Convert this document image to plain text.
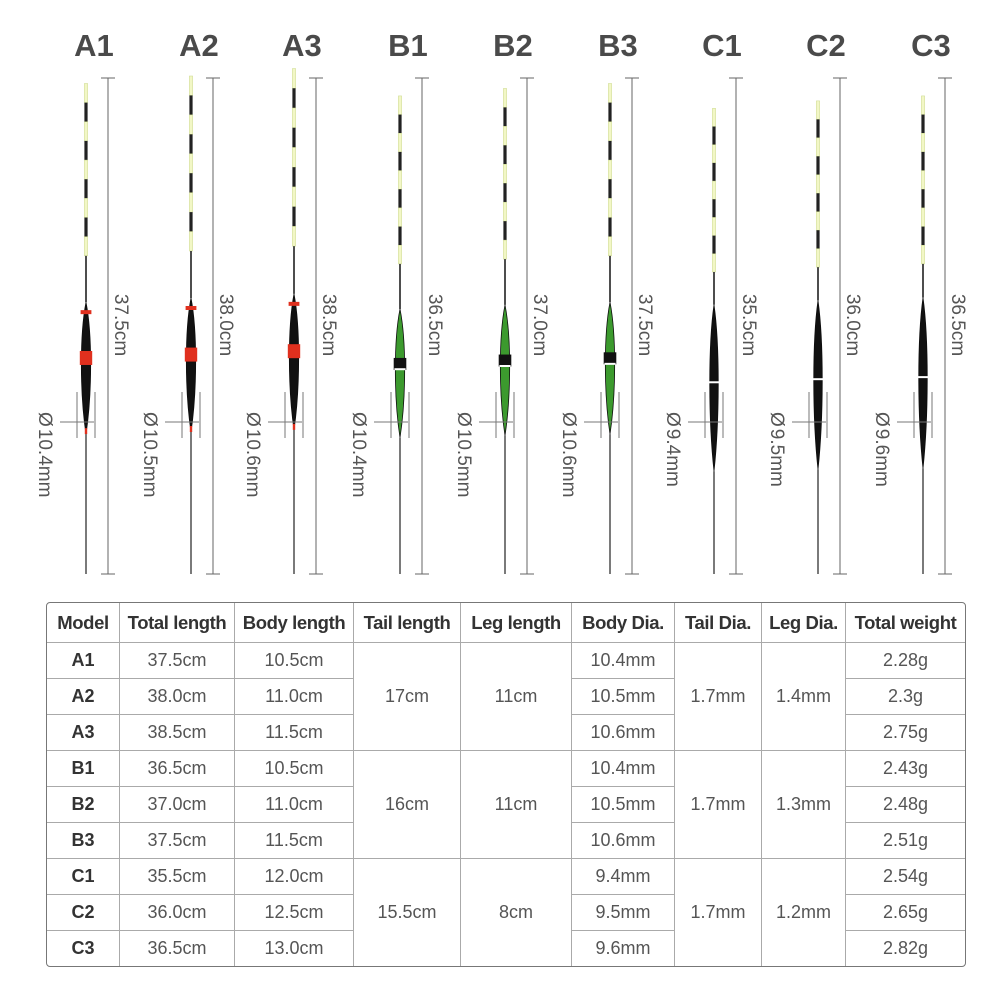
A1
37.5cm
Ø10.4mm
A2
38.0cm
Ø10.5mm
A3
38.5cm
Ø10.6mm
B1
36.5cm
Ø10.4mm
B2
37.0cm
Ø10.5mm
B3
37.5cm
Ø10.6mm
C1
35.5cm
Ø9.4mm
C2
36.0cm
Ø9.5mm
C3
36.5cm
Ø9.6mm
Model	Total length	Body length	Tail length	Leg length	Body Dia.	Tail Dia.	Leg Dia.	Total weight
A1	37.5cm	10.5cm	17cm	11cm	10.4mm	1.7mm	1.4mm	2.28g
A2	38.0cm	11.0cm			10.5mm			2.3g
A3	38.5cm	11.5cm			10.6mm			2.75g
B1	36.5cm	10.5cm	16cm	11cm	10.4mm	1.7mm	1.3mm	2.43g
B2	37.0cm	11.0cm			10.5mm			2.48g
B3	37.5cm	11.5cm			10.6mm			2.51g
C1	35.5cm	12.0cm	15.5cm	8cm	9.4mm	1.7mm	1.2mm	2.54g
C2	36.0cm	12.5cm			9.5mm			2.65g
C3	36.5cm	13.0cm			9.6mm			2.82g
